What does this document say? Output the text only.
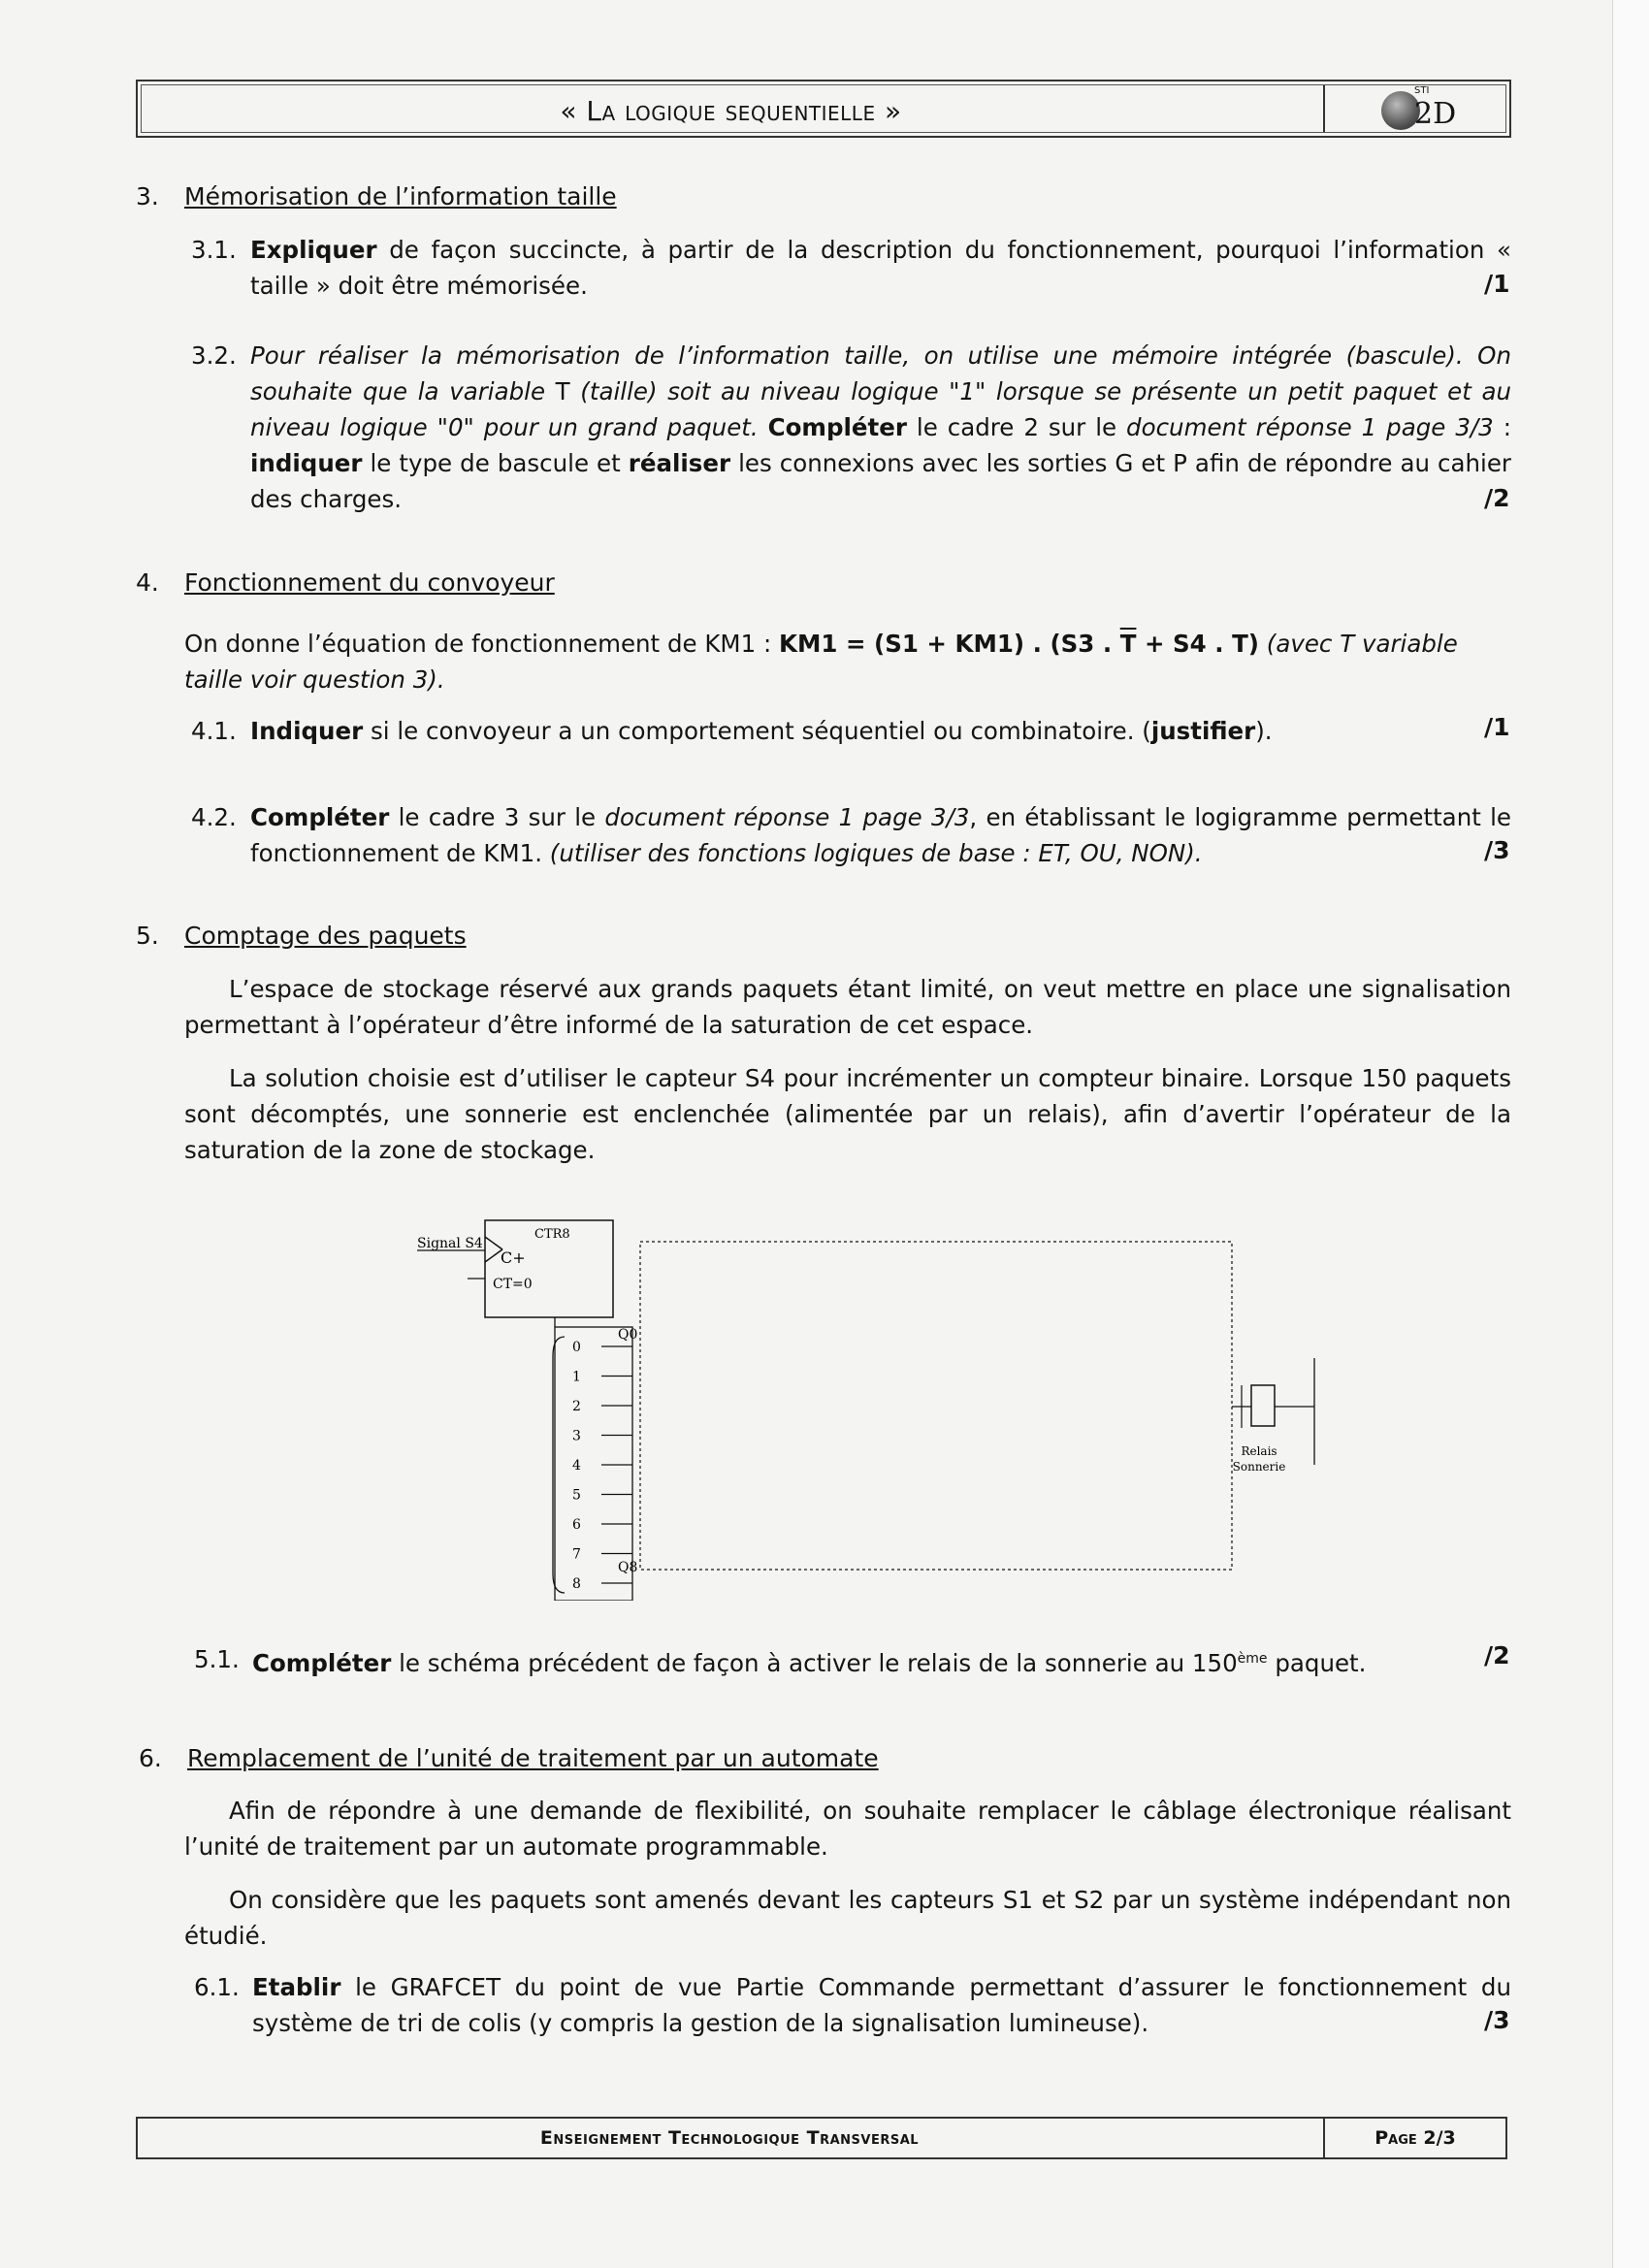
« La logique sequentielle »
STI
2D
3. Mémorisation de l’information taille
3.1. Expliquer de façon succincte, à partir de la description du fonctionnement, pourquoi l’information « taille » doit être mémorisée.	/1
3.2. Pour réaliser la mémorisation de l’information taille, on utilise une mémoire intégrée (bascule). On souhaite que la variable T (taille) soit au niveau logique "1" lorsque se présente un petit paquet et au niveau logique "0" pour un grand paquet. Compléter le cadre 2 sur le document réponse 1 page 3/3 : indiquer le type de bascule et réaliser les connexions avec les sorties G et P afin de répondre au cahier des charges.	/2
4. Fonctionnement du convoyeur
On donne l’équation de fonctionnement de KM1 : KM1 = (S1 + KM1) . (S3 . $\overline{T} + S4$ . T) (avec T variable taille voir question 3).
4.1. Indiquer si le convoyeur a un comportement séquentiel ou combinatoire. (justifier).	/1
4.2. Compléter le cadre 3 sur le document réponse 1 page 3/3, en établissant le logigramme permettant le fonctionnement de KM1. (utiliser des fonctions logiques de base : ET, OU, NON).	/3
5. Comptage des paquets
L’espace de stockage réservé aux grands paquets étant limité, on veut mettre en place une signalisation permettant à l’opérateur d’être informé de la saturation de cet espace.
La solution choisie est d’utiliser le capteur S4 pour incrémenter un compteur binaire. Lorsque 150 paquets sont décomptés, une sonnerie est enclenchée (alimentée par un relais), afin d’avertir l’opérateur de la saturation de la zone de stockage.
CTR8
C+
CT=0
Signal S4
Q0
Q8
0
1
2
3
4
5
6
7
8
Relais
Sonnerie
5.1. Compléter le schéma précédent de façon à activer le relais de la sonnerie au 150ème paquet.	/2
6. Remplacement de l’unité de traitement par un automate
Afin de répondre à une demande de flexibilité, on souhaite remplacer le câblage électronique réalisant l’unité de traitement par un automate programmable.
On considère que les paquets sont amenés devant les capteurs S1 et S2 par un système indépendant non étudié.
6.1. Etablir le GRAFCET du point de vue Partie Commande permettant d’assurer le fonctionnement du système de tri de colis (y compris la gestion de la signalisation lumineuse).	/3
Enseignement Technologique Transversal	Page 2/3
